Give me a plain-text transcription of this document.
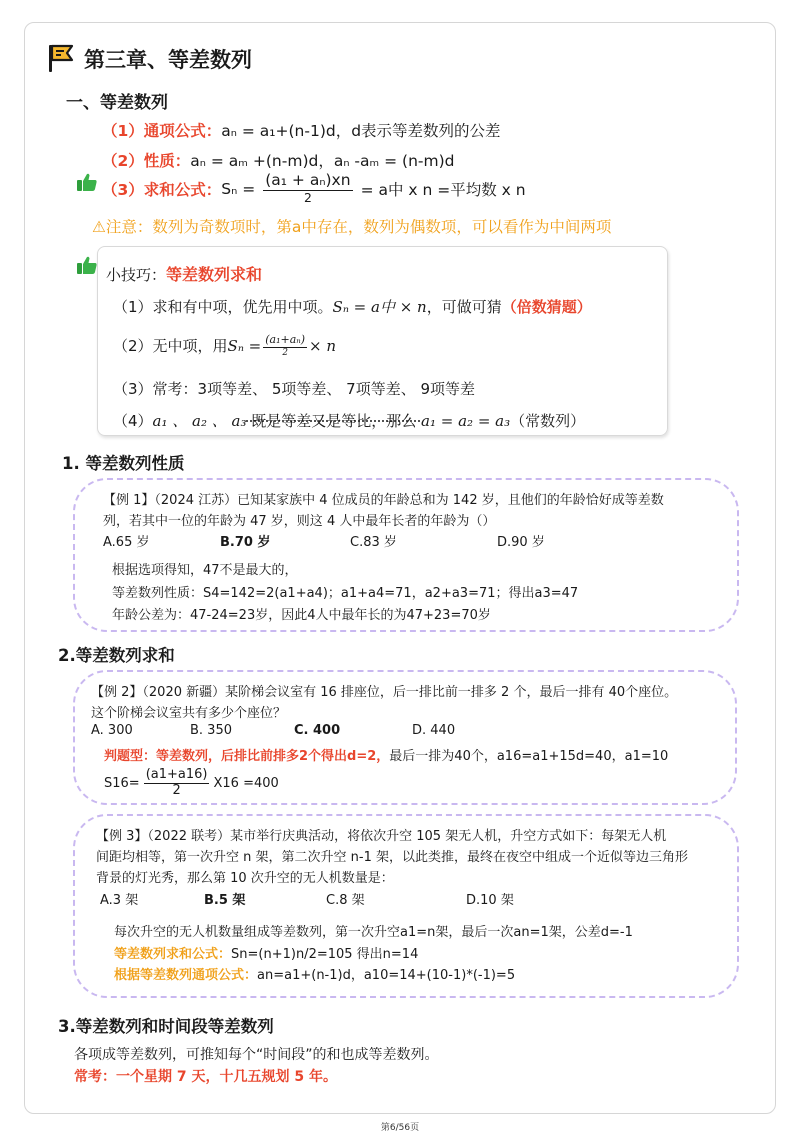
第三章、等差数列
一、等差数列
（1）通项公式：aₙ = a₁+(n-1)d，d表示等差数列的公差
（2）性质：aₙ = aₘ +(n-m)d，aₙ -aₘ = (n-m)d
（3）求和公式： $S_n = \frac{\text{(a₁ + aₙ)xn}}{2} = a$中 x n =平均数 x n
⚠注意：数列为奇数项时，第a中存在，数列为偶数项，可以看作为中间两项
小技巧：等差数列求和
（1）求和有中项，优先用中项。Sₙ = a中 × n，可做可猜（倍数猜题）
（2）无中项，用 $S_n = \frac{\text{(a₁+aₙ)}}{2} \times n$
（3）常考：3项等差、 5项等差、 7项等差、 9项等差
（4）a₁ 、 a₂ 、 a₃ 既是等差又是等比，那么 a₁ = a₂ = a₃（常数列）
1. 等差数列性质
【例 1】（2024 江苏）已知某家族中 4 位成员的年龄总和为 142 岁，且他们的年龄恰好成等差数
列，若其中一位的年龄为 47 岁，则这 4 人中最年长者的年龄为（）
A.65 岁	B.70 岁	C.83 岁	D.90 岁
根据选项得知，47不是最大的，
等差数列性质：S4=142=2(a1+a4)；a1+a4=71，a2+a3=71；得出a3=47
年龄公差为：47-24=23岁，因此4人中最年长的为47+23=70岁
2.等差数列求和
【例 2】（2020 新疆）某阶梯会议室有 16 排座位，后一排比前一排多 2 个，最后一排有 40个座位。
这个阶梯会议室共有多少个座位？
A. 300	B. 350	C. 400	D. 440
判题型：等差数列，后排比前排多2个得出d=2，最后一排为40个，a16=a1+15d=40，a1=10
$S16= \frac{(a1+a16)}{2} X16 =400$
【例 3】（2022 联考）某市举行庆典活动，将依次升空 105 架无人机，升空方式如下：每架无人机
间距均相等，第一次升空 n 架，第二次升空 n-1 架，以此类推，最终在夜空中组成一个近似等边三角形
背景的灯光秀，那么第 10 次升空的无人机数量是：
A.3 架	B.5 架	C.8 架	D.10 架
每次升空的无人机数量组成等差数列，第一次升空a1=n架，最后一次an=1架，公差d=-1
等差数列求和公式：Sn=(n+1)n/2=105 得出n=14
根据等差数列通项公式：an=a1+(n-1)d，a10=14+(10-1)*(-1)=5
3.等差数列和时间段等差数列
各项成等差数列，可推知每个“时间段”的和也成等差数列。
常考：一个星期 7 天，十几五规划 5 年。
第6/56页
